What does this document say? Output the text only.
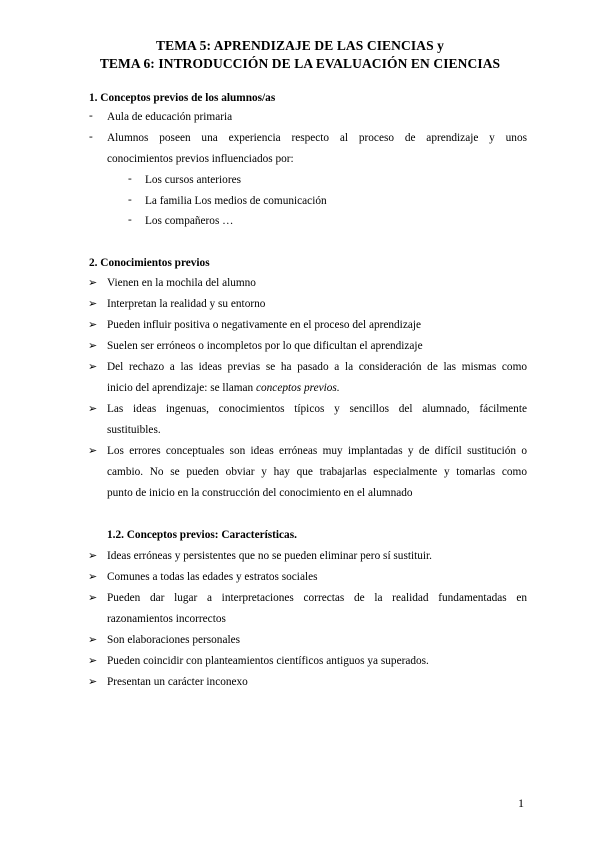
TEMA 5: APRENDIZAJE DE LAS CIENCIAS y
TEMA 6: INTRODUCCIÓN DE LA EVALUACIÓN EN CIENCIAS
1. Conceptos previos de los alumnos/as
- Aula de educación primaria
- Alumnos poseen una experiencia respecto al proceso de aprendizaje y unos
conocimientos previos influenciados por:
- Los cursos anteriores
- La familia Los medios de comunicación
- Los compañeros …
2. Conocimientos previos
➢ Vienen en la mochila del alumno
➢ Interpretan la realidad y su entorno
➢ Pueden influir positiva o negativamente en el proceso del aprendizaje
➢ Suelen ser erróneos o incompletos por lo que dificultan el aprendizaje
➢ Del rechazo a las ideas previas se ha pasado a la consideración de las mismas como
inicio del aprendizaje: se llaman conceptos previos.
➢ Las ideas ingenuas, conocimientos típicos y sencillos del alumnado, fácilmente
sustituibles.
➢ Los errores conceptuales son ideas erróneas muy implantadas y de difícil sustitución o
cambio. No se pueden obviar y hay que trabajarlas especialmente y tomarlas como
punto de inicio en la construcción del conocimiento en el alumnado
1.2. Conceptos previos: Características.
➢ Ideas erróneas y persistentes que no se pueden eliminar pero sí sustituir.
➢ Comunes a todas las edades y estratos sociales
➢ Pueden dar lugar a interpretaciones correctas de la realidad fundamentadas en
razonamientos incorrectos
➢ Son elaboraciones personales
➢ Pueden coincidir con planteamientos científicos antiguos ya superados.
➢ Presentan un carácter inconexo
1
